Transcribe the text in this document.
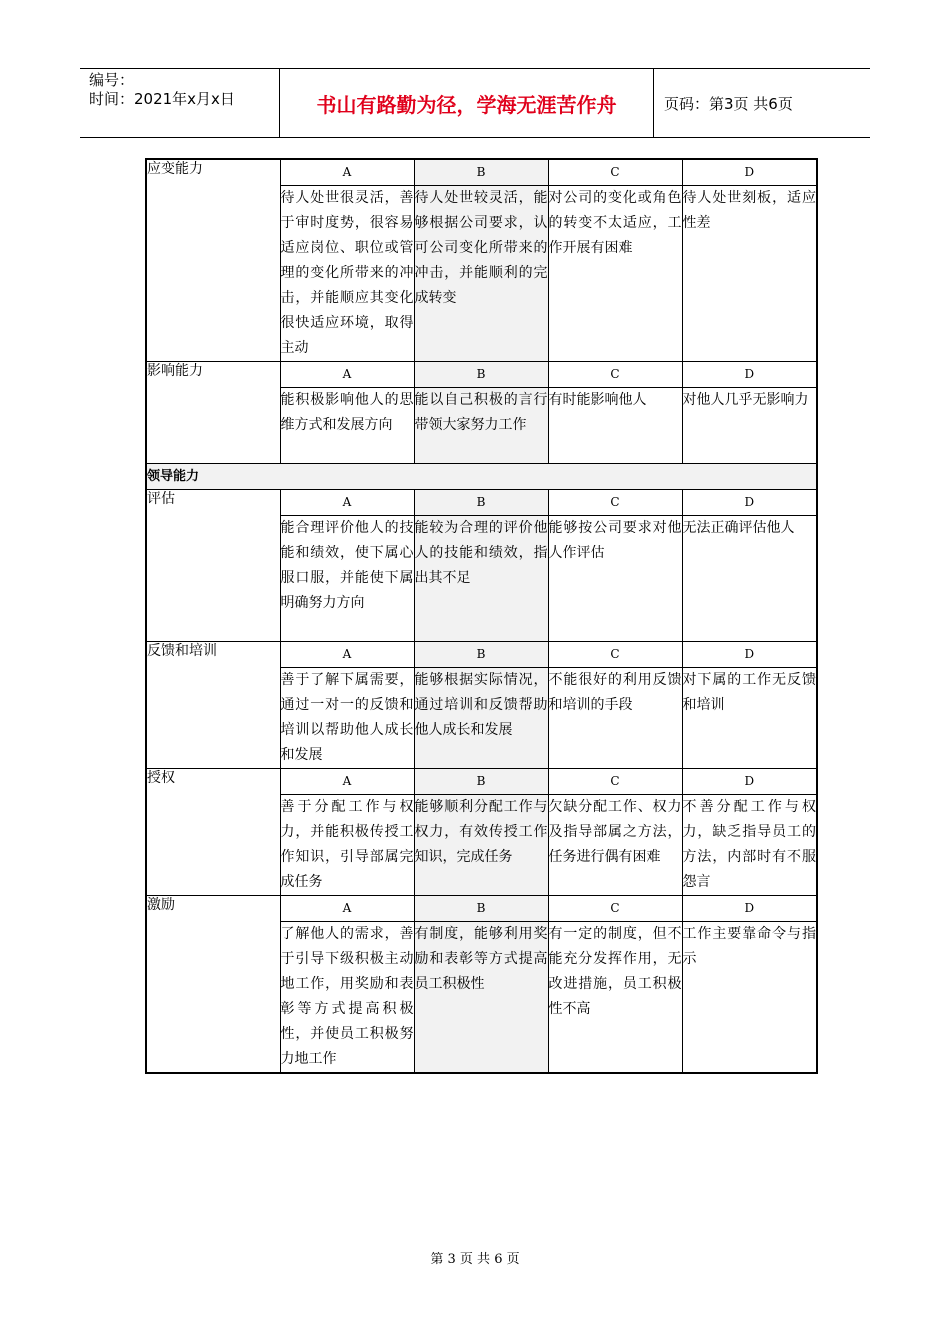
编号：
时间：2021年x月x日	书山有路勤为径，学海无涯苦作舟	页码：第3页 共6页
应变能力	A	B	C	D
	待人处世很灵活，善于审时度势，很容易适应岗位、职位或管理的变化所带来的冲击，并能顺应其变化很快适应环境，取得主动	待人处世较灵活，能够根据公司要求，认可公司变化所带来的冲击，并能顺利的完成转变	对公司的变化或角色的转变不太适应，工作开展有困难	待人处世刻板，适应性差
影响能力	A	B	C	D
	能积极影响他人的思维方式和发展方向	能以自己积极的言行带领大家努力工作	有时能影响他人	对他人几乎无影响力
领导能力				
评估	A	B	C	D
	能合理评价他人的技能和绩效，使下属心服口服，并能使下属明确努力方向	能较为合理的评价他人的技能和绩效，指出其不足	能够按公司要求对他人作评估	无法正确评估他人
反馈和培训	A	B	C	D
	善于了解下属需要，通过一对一的反馈和培训以帮助他人成长和发展	能够根据实际情况，通过培训和反馈帮助他人成长和发展	不能很好的利用反馈和培训的手段	对下属的工作无反馈和培训
授权	A	B	C	D
	善于分配工作与权力，并能积极传授工作知识，引导部属完成任务	能够顺利分配工作与权力，有效传授工作知识，完成任务	欠缺分配工作、权力及指导部属之方法，任务进行偶有困难	不善分配工作与权力，缺乏指导员工的方法，内部时有不服怨言
激励	A	B	C	D
	了解他人的需求，善于引导下级积极主动地工作，用奖励和表彰等方式提高积极性，并使员工积极努力地工作	有制度，能够利用奖励和表彰等方式提高员工积极性	有一定的制度，但不能充分发挥作用，无改进措施，员工积极性不高	工作主要靠命令与指示
第 3 页 共 6 页
